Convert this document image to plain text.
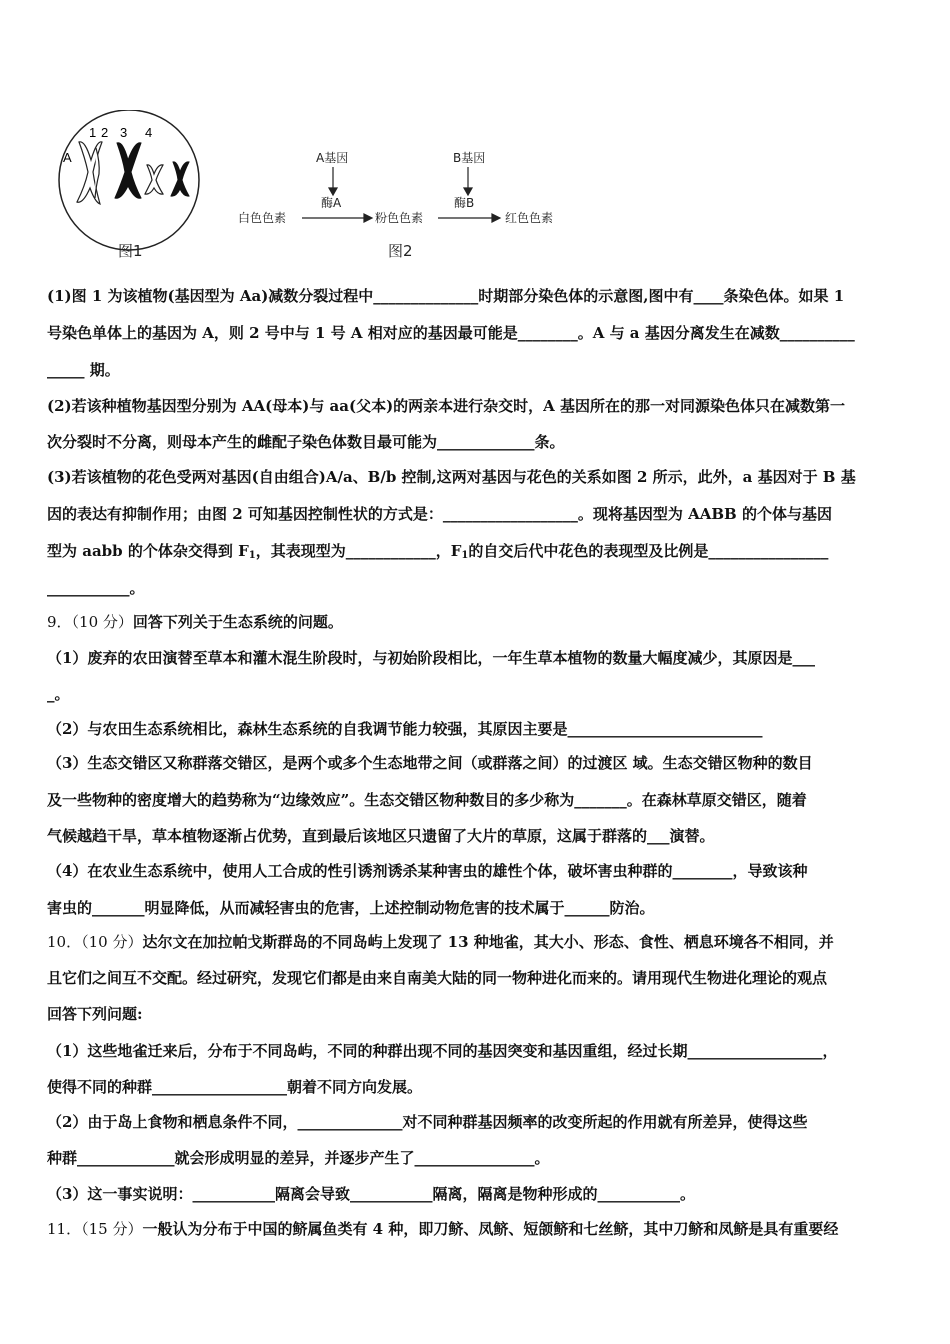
1 2 3 4
A
图1
A基因	B基因
酶A	酶B
白色色素	粉色色素	红色色素
图2
(1)图 1 为该植物(基因型为 Aa)减数分裂过程中______________时期部分染色体的示意图,图中有____条染色体。如果 1
号染色单体上的基因为 A，则 2 号中与 1 号 A 相对应的基因最可能是________。A 与 a 基因分离发生在减数__________
_____ 期。
(2)若该种植物基因型分别为 AA(母本)与 aa(父本)的两亲本进行杂交时，A 基因所在的那一对同源染色体只在减数第一
次分裂时不分离，则母本产生的雌配子染色体数目最可能为_____________条。
(3)若该植物的花色受两对基因(自由组合)A/a、B/b 控制,这两对基因与花色的关系如图 2 所示，此外，a 基因对于 B 基
因的表达有抑制作用；由图 2 可知基因控制性状的方式是：__________________。现将基因型为 AABB 的个体与基因
型为 aabb 的个体杂交得到 $F_1$，其表现型为____________，$F_1$的自交后代中花色的表现型及比例是________________
___________。
9．（10 分）回答下列关于生态系统的问题。
（1）废弃的农田演替至草本和灌木混生阶段时，与初始阶段相比，一年生草本植物的数量大幅度减少，其原因是___
_。
（2）与农田生态系统相比，森林生态系统的自我调节能力较强，其原因主要是__________________________
（3）生态交错区又称群落交错区，是两个或多个生态地带之间（或群落之间）的过渡区 域。生态交错区物种的数目
及一些物种的密度增大的趋势称为“边缘效应”。生态交错区物种数目的多少称为_______。在森林草原交错区，随着
气候越趋干旱，草本植物逐渐占优势，直到最后该地区只遗留了大片的草原，这属于群落的___演替。
（4）在农业生态系统中，使用人工合成的性引诱剂诱杀某种害虫的雄性个体，破坏害虫种群的________，导致该种
害虫的_______明显降低，从而减轻害虫的危害，上述控制动物危害的技术属于______防治。
10．（10 分）达尔文在加拉帕戈斯群岛的不同岛屿上发现了 13 种地雀，其大小、形态、食性、栖息环境各不相同，并
且它们之间互不交配。经过研究，发现它们都是由来自南美大陆的同一物种进化而来的。请用现代生物进化理论的观点
回答下列问题:
（1）这些地雀迁来后，分布于不同岛屿，不同的种群出现不同的基因突变和基因重组，经过长期__________________，
使得不同的种群__________________朝着不同方向发展。
（2）由于岛上食物和栖息条件不同，______________对不同种群基因频率的改变所起的作用就有所差异，使得这些
种群_____________就会形成明显的差异，并逐步产生了________________。
（3）这一事实说明：___________隔离会导致___________隔离，隔离是物种形成的___________。
11．（15 分）一般认为分布于中国的鲚属鱼类有 4 种，即刀鲚、凤鲚、短颌鲚和七丝鲚，其中刀鲚和凤鲚是具有重要经
